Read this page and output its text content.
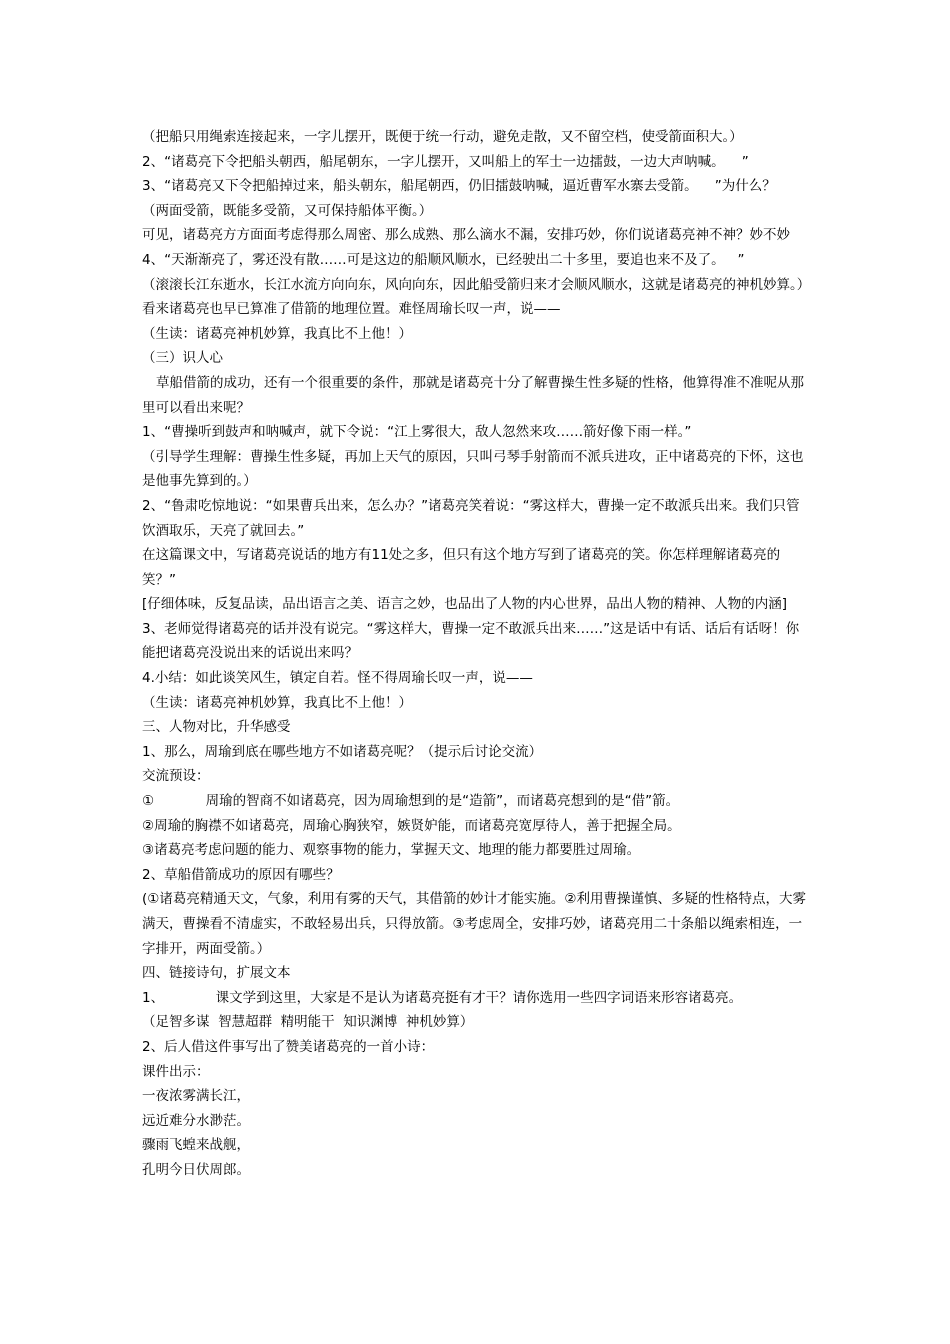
（把船只用绳索连接起来，一字儿摆开，既便于统一行动，避免走散，又不留空档，使受箭面积大。）

2、“诸葛亮下令把船头朝西，船尾朝东，一字儿摆开，又叫船上的军士一边擂鼓，一边大声呐喊。    ”

3、“诸葛亮又下令把船掉过来，船头朝东，船尾朝西，仍旧擂鼓呐喊，逼近曹军水寨去受箭。    ”为什么？

（两面受箭，既能多受箭，又可保持船体平衡。）

可见，诸葛亮方方面面考虑得那么周密、那么成熟、那么滴水不漏，安排巧妙，你们说诸葛亮神不神？妙不妙

4、“天渐渐亮了，雾还没有散……可是这边的船顺风顺水，已经驶出二十多里，要追也来不及了。   ”

（滚滚长江东逝水，长江水流方向向东，风向向东，因此船受箭归来才会顺风顺水，这就是诸葛亮的神机妙算。）

看来诸葛亮也早已算准了借箭的地理位置。难怪周瑜长叹一声，说——

（生读：诸葛亮神机妙算，我真比不上他！）

（三）识人心

草船借箭的成功，还有一个很重要的条件，那就是诸葛亮十分了解曹操生性多疑的性格，他算得准不准呢从那里可以看出来呢？

1、“曹操听到鼓声和呐喊声，就下令说：“江上雾很大，敌人忽然来攻……箭好像下雨一样。”

（引导学生理解：曹操生性多疑，再加上天气的原因，只叫弓琴手射箭而不派兵进攻，正中诸葛亮的下怀，这也是他事先算到的。）

2、“鲁肃吃惊地说：“如果曹兵出来，怎么办？”诸葛亮笑着说：“雾这样大，曹操一定不敢派兵出来。我们只管饮酒取乐，天亮了就回去。”

在这篇课文中，写诸葛亮说话的地方有11处之多，但只有这个地方写到了诸葛亮的笑。你怎样理解诸葛亮的笑？”

[仔细体味，反复品读，品出语言之美、语言之妙，也品出了人物的内心世界，品出人物的精神、人物的内涵]

3、老师觉得诸葛亮的话并没有说完。“雾这样大，曹操一定不敢派兵出来……”这是话中有话、话后有话呀！你能把诸葛亮没说出来的话说出来吗？

4.小结：如此谈笑风生，镇定自若。怪不得周瑜长叹一声，说——

（生读：诸葛亮神机妙算，我真比不上他！）

三、人物对比，升华感受

1、那么，周瑜到底在哪些地方不如诸葛亮呢？（提示后讨论交流）

交流预设：

①            周瑜的智商不如诸葛亮，因为周瑜想到的是“造箭”，而诸葛亮想到的是“借”箭。

②周瑜的胸襟不如诸葛亮，周瑜心胸狭窄，嫉贤妒能，而诸葛亮宽厚待人，善于把握全局。

③诸葛亮考虑问题的能力、观察事物的能力，掌握天文、地理的能力都要胜过周瑜。

2、草船借箭成功的原因有哪些？

(①诸葛亮精通天文，气象，利用有雾的天气，其借箭的妙计才能实施。②利用曹操谨慎、多疑的性格特点，大雾满天，曹操看不清虚实，不敢轻易出兵，只得放箭。③考虑周全，安排巧妙，诸葛亮用二十条船以绳索相连，一字排开，两面受箭。）

四、链接诗句，扩展文本

1、            课文学到这里，大家是不是认为诸葛亮挺有才干？请你选用一些四字词语来形容诸葛亮。

（足智多谋  智慧超群  精明能干  知识渊博  神机妙算）

2、后人借这件事写出了赞美诸葛亮的一首小诗：

课件出示：

一夜浓雾满长江，

远近难分水渺茫。

骤雨飞蝗来战舰，

孔明今日伏周郎。
